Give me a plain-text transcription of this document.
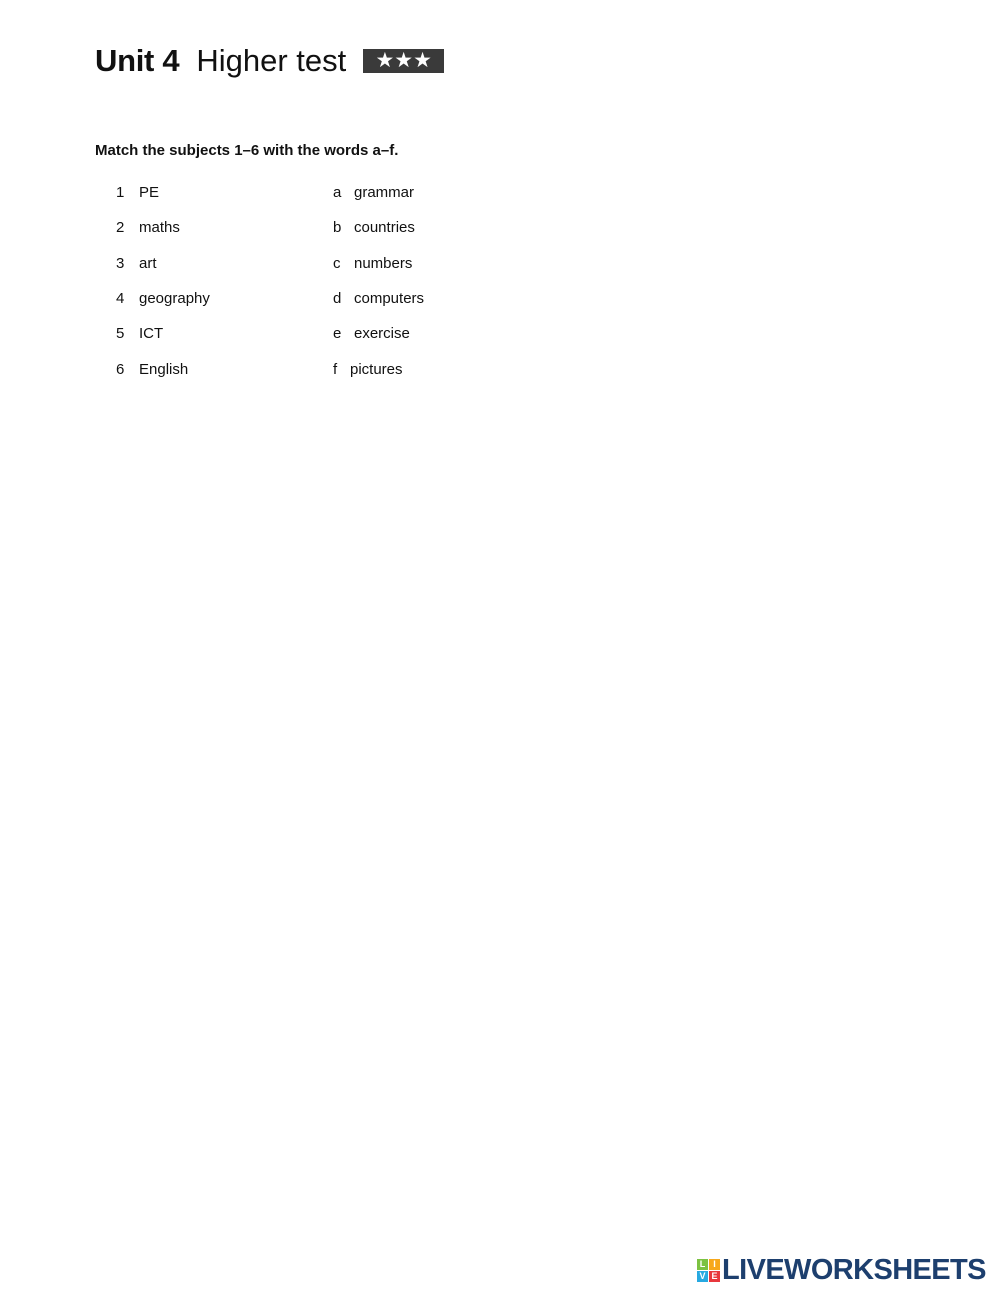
Unit 4 Higher test	★★★
Match the subjects 1–6 with the words a–f.
1 PE	a grammar
2 maths	b countries
3 art	c numbers
4 geography	d computers
5 ICT	e exercise
6 English	f pictures
L I
V E LIVEWORKSHEETS
